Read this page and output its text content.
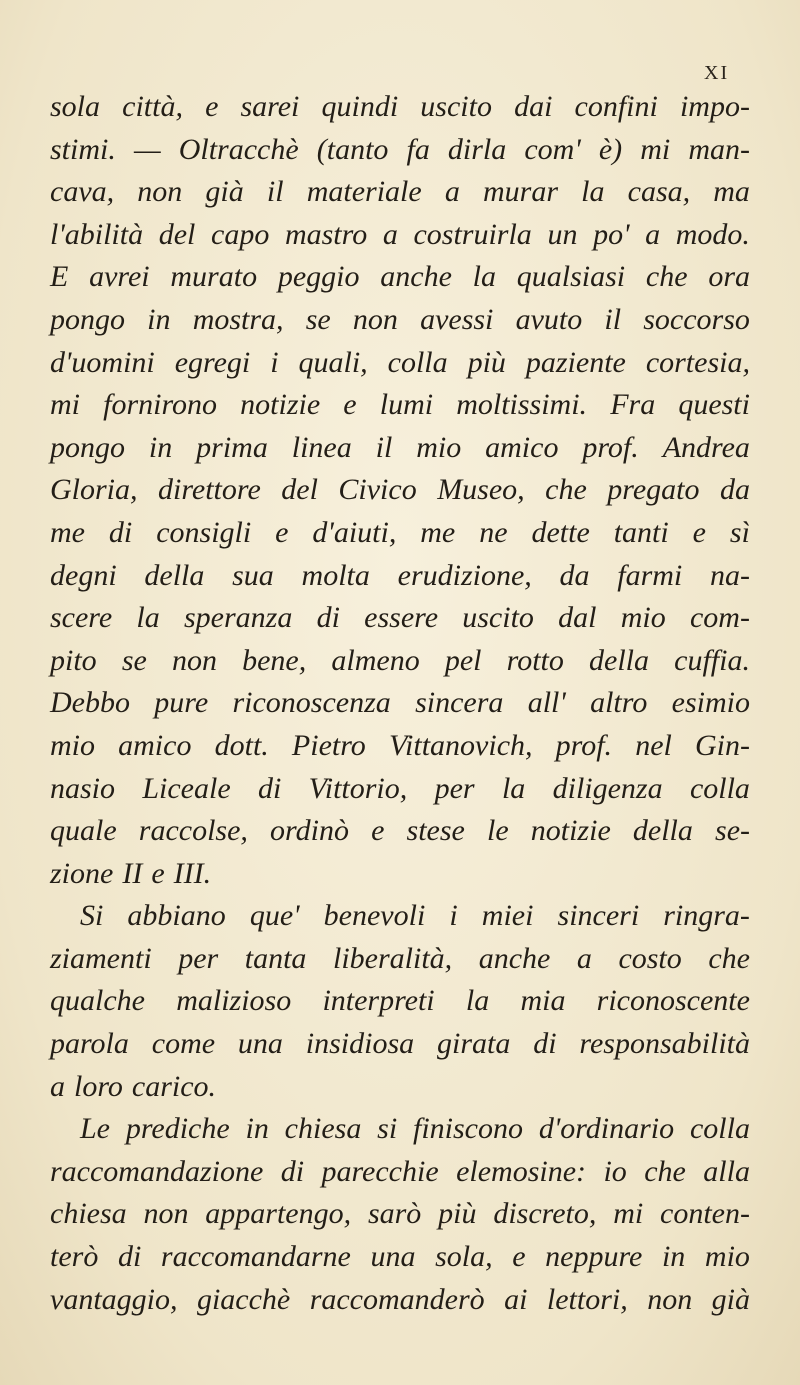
XI
sola città, e sarei quindi uscito dai confini impo-
stimi. — Oltracchè (tanto fa dirla com' è) mi man-
cava, non già il materiale a murar la casa, ma
l'abilità del capo mastro a costruirla un po' a modo.
E avrei murato peggio anche la qualsiasi che ora
pongo in mostra, se non avessi avuto il soccorso
d'uomini egregi i quali, colla più paziente cortesia,
mi fornirono notizie e lumi moltissimi. Fra questi
pongo in prima linea il mio amico prof. Andrea
Gloria, direttore del Civico Museo, che pregato da
me di consigli e d'aiuti, me ne dette tanti e sì
degni della sua molta erudizione, da farmi na-
scere la speranza di essere uscito dal mio com-
pito se non bene, almeno pel rotto della cuffia.
Debbo pure riconoscenza sincera all' altro esimio
mio amico dott. Pietro Vittanovich, prof. nel Gin-
nasio Liceale di Vittorio, per la diligenza colla
quale raccolse, ordinò e stese le notizie della se-
zione II e III.
Si abbiano que' benevoli i miei sinceri ringra-
ziamenti per tanta liberalità, anche a costo che
qualche malizioso interpreti la mia riconoscente
parola come una insidiosa girata di responsabilità
a loro carico.
Le prediche in chiesa si finiscono d'ordinario colla
raccomandazione di parecchie elemosine: io che alla
chiesa non appartengo, sarò più discreto, mi conten-
terò di raccomandarne una sola, e neppure in mio
vantaggio, giacchè raccomanderò ai lettori, non già
